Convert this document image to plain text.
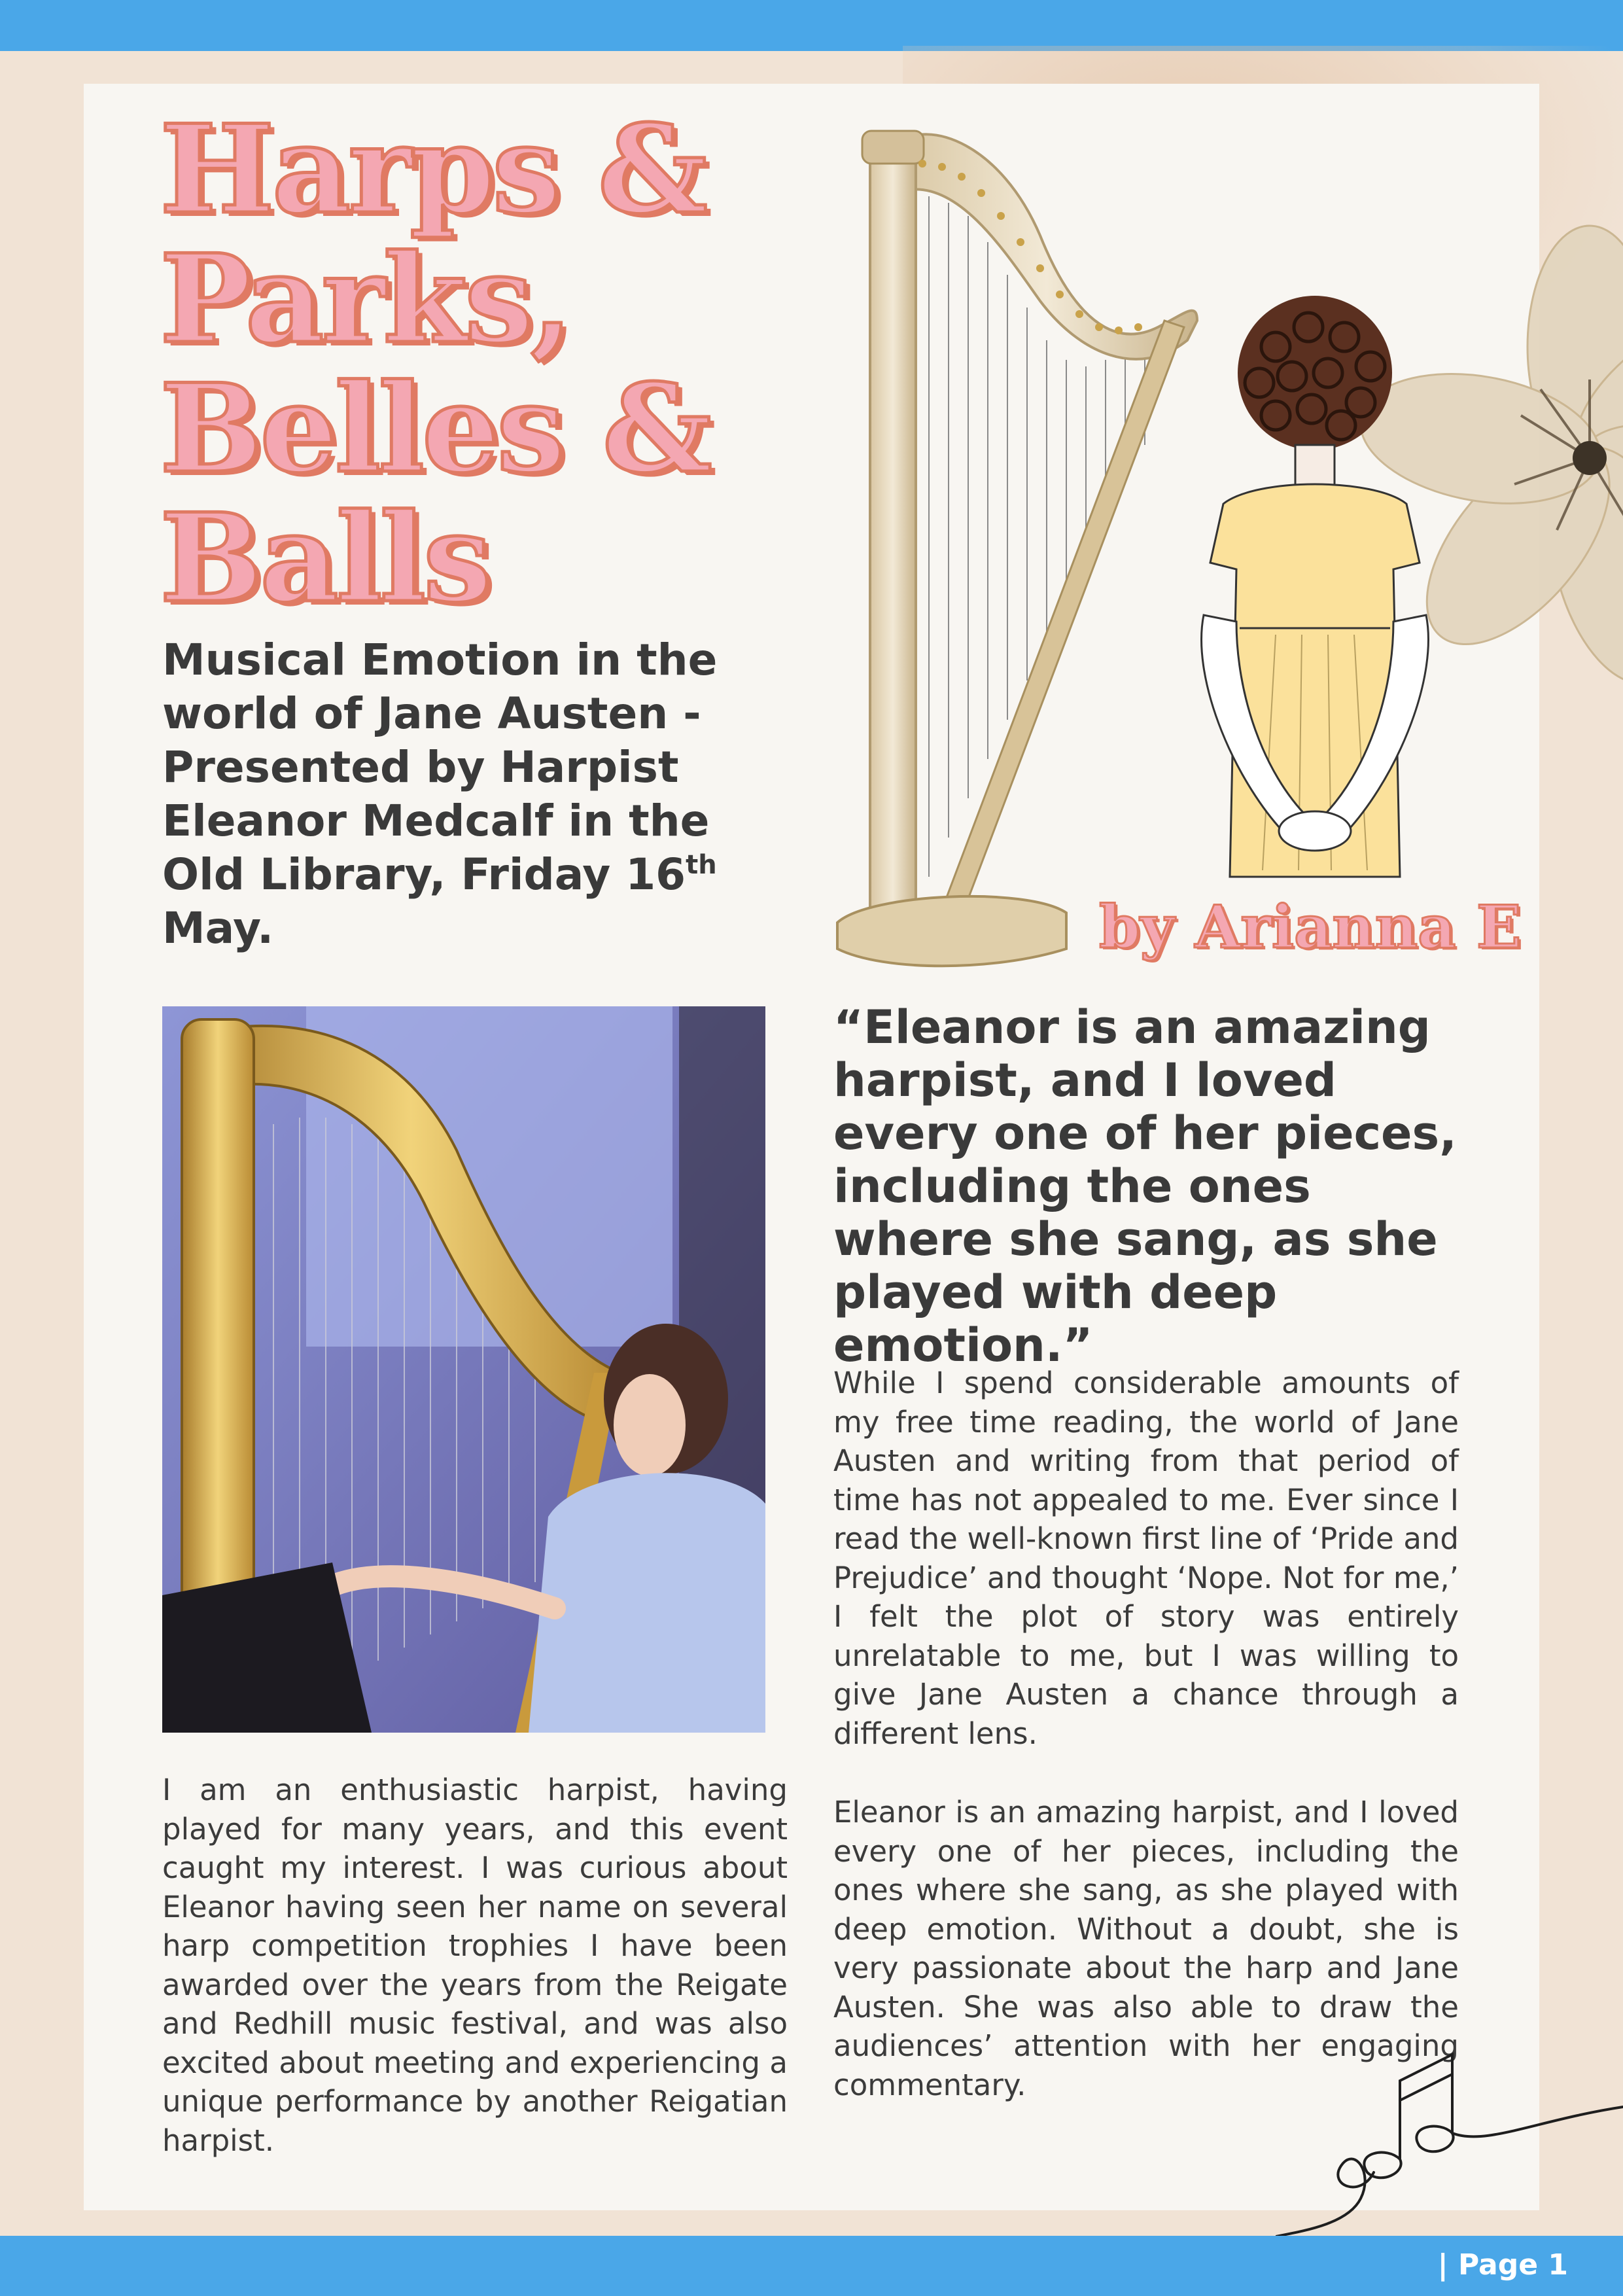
Harps & Parks, Belles & Balls

Musical Emotion in the world of Jane Austen - Presented by Harpist Eleanor Medcalf in the Old Library, Friday 16th May.	by Arianna E

“Eleanor is an amazing harpist, and I loved every one of her pieces, including the ones where she sang, as she played with deep emotion.”

While I spend considerable amounts of my free time reading, the world of Jane Austen and writing from that period of time has not appealed to me. Ever since I read the well-known first line of ‘Pride and Prejudice’ and thought ‘Nope. Not for me,’ I felt the plot of story was entirely unrelatable to me, but I was willing to give Jane Austen a chance through a different lens.

Eleanor is an amazing harpist, and I loved every one of her pieces, including the ones where she sang, as she played with deep emotion. Without a doubt, she is very passionate about the harp and Jane Austen. She was also able to draw the audiences’ attention with her engaging commentary.

I am an enthusiastic harpist, having played for many years, and this event caught my interest. I was curious about Eleanor having seen her name on several harp competition trophies I have been awarded over the years from the Reigate and Redhill music festival, and was also excited about meeting and experiencing a unique performance by another Reigatian harpist.

| Page 1
